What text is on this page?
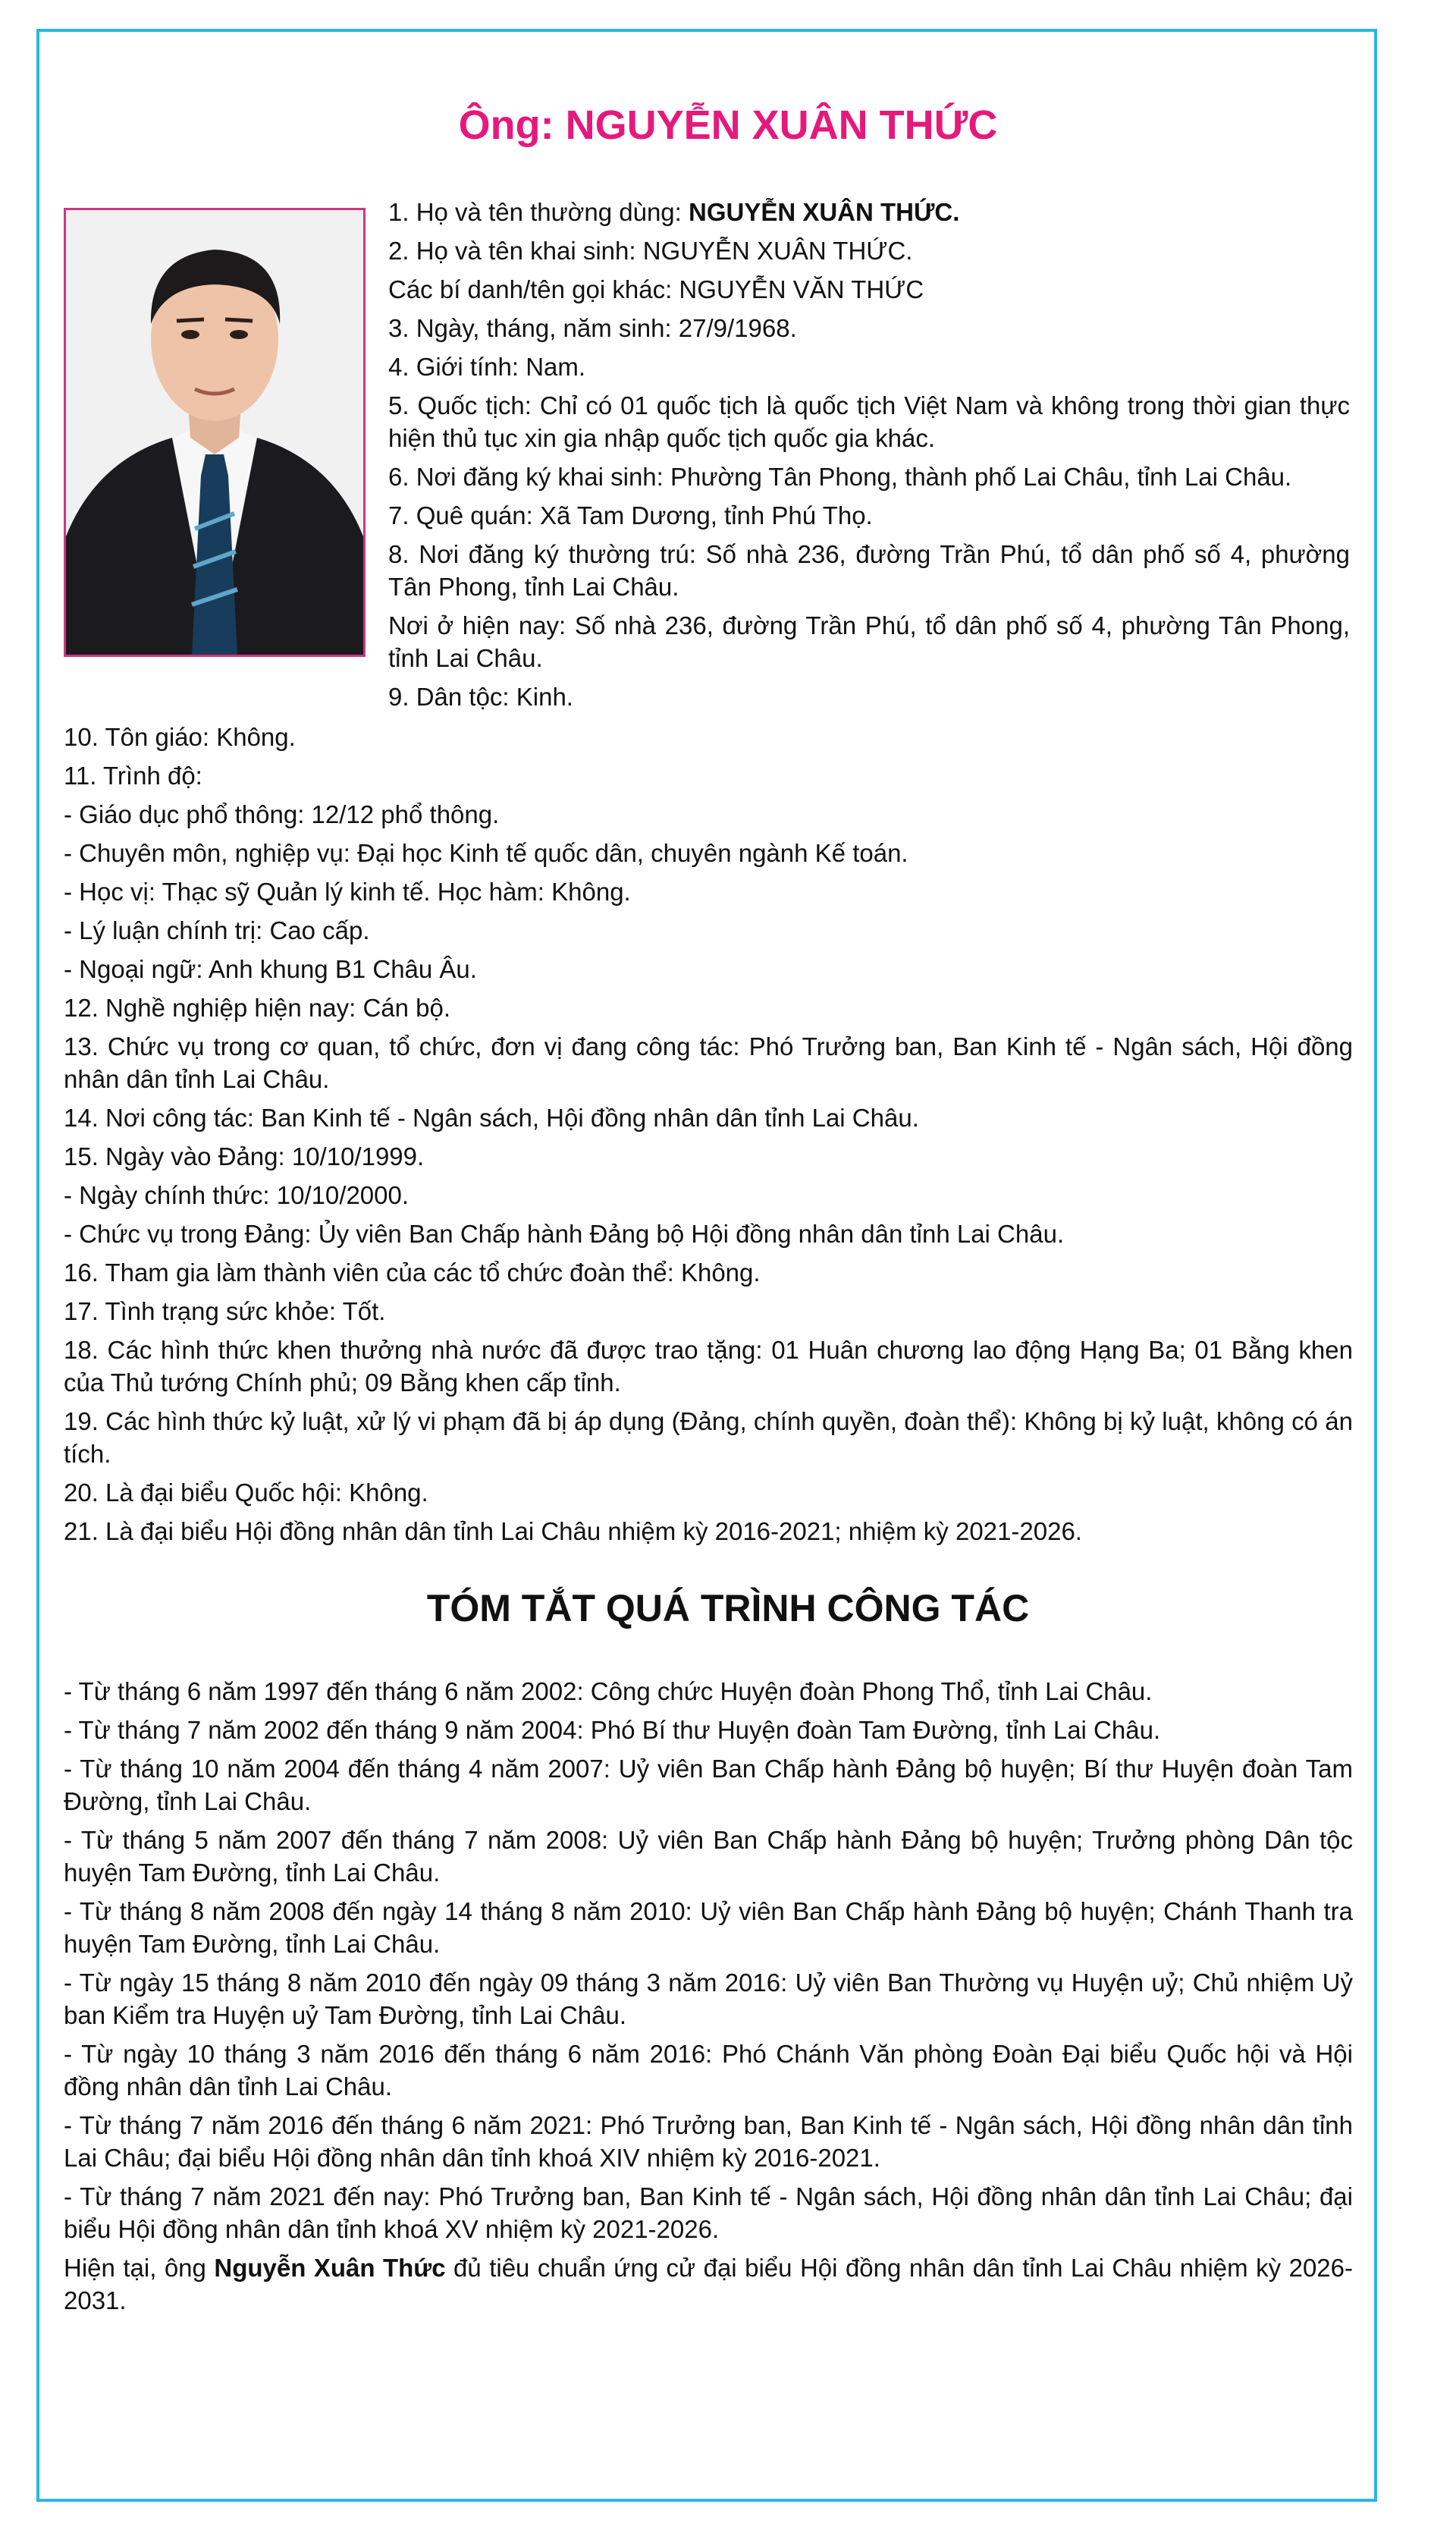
Ông: NGUYỄN XUÂN THỨC
1. Họ và tên thường dùng: NGUYỄN XUÂN THỨC.
2. Họ và tên khai sinh: NGUYỄN XUÂN THỨC.
Các bí danh/tên gọi khác: NGUYỄN VĂN THỨC
3. Ngày, tháng, năm sinh: 27/9/1968.
4. Giới tính: Nam.
5. Quốc tịch: Chỉ có 01 quốc tịch là quốc tịch Việt Nam và không trong thời gian thực hiện thủ tục xin gia nhập quốc tịch quốc gia khác.
6. Nơi đăng ký khai sinh: Phường Tân Phong, thành phố Lai Châu, tỉnh Lai Châu.
7. Quê quán: Xã Tam Dương, tỉnh Phú Thọ.
8. Nơi đăng ký thường trú: Số nhà 236, đường Trần Phú, tổ dân phố số 4, phường Tân Phong, tỉnh Lai Châu.
Nơi ở hiện nay: Số nhà 236, đường Trần Phú, tổ dân phố số 4, phường Tân Phong, tỉnh Lai Châu.
9. Dân tộc: Kinh.
10. Tôn giáo: Không.
11. Trình độ:
- Giáo dục phổ thông: 12/12 phổ thông.
- Chuyên môn, nghiệp vụ: Đại học Kinh tế quốc dân, chuyên ngành Kế toán.
- Học vị: Thạc sỹ Quản lý kinh tế. Học hàm: Không.
- Lý luận chính trị: Cao cấp.
- Ngoại ngữ: Anh khung B1 Châu Âu.
12. Nghề nghiệp hiện nay: Cán bộ.
13. Chức vụ trong cơ quan, tổ chức, đơn vị đang công tác: Phó Trưởng ban, Ban Kinh tế - Ngân sách, Hội đồng nhân dân tỉnh Lai Châu.
14. Nơi công tác: Ban Kinh tế - Ngân sách, Hội đồng nhân dân tỉnh Lai Châu.
15. Ngày vào Đảng: 10/10/1999.
- Ngày chính thức: 10/10/2000.
- Chức vụ trong Đảng: Ủy viên Ban Chấp hành Đảng bộ Hội đồng nhân dân tỉnh Lai Châu.
16. Tham gia làm thành viên của các tổ chức đoàn thể: Không.
17. Tình trạng sức khỏe: Tốt.
18. Các hình thức khen thưởng nhà nước đã được trao tặng: 01 Huân chương lao động Hạng Ba; 01 Bằng khen của Thủ tướng Chính phủ; 09 Bằng khen cấp tỉnh.
19. Các hình thức kỷ luật, xử lý vi phạm đã bị áp dụng (Đảng, chính quyền, đoàn thể): Không bị kỷ luật, không có án tích.
20. Là đại biểu Quốc hội: Không.
21. Là đại biểu Hội đồng nhân dân tỉnh Lai Châu nhiệm kỳ 2016-2021; nhiệm kỳ 2021-2026.
TÓM TẮT QUÁ TRÌNH CÔNG TÁC
- Từ tháng 6 năm 1997 đến tháng 6 năm 2002: Công chức Huyện đoàn Phong Thổ, tỉnh Lai Châu.
- Từ tháng 7 năm 2002 đến tháng 9 năm 2004: Phó Bí thư Huyện đoàn Tam Đường, tỉnh Lai Châu.
- Từ tháng 10 năm 2004 đến tháng 4 năm 2007: Uỷ viên Ban Chấp hành Đảng bộ huyện; Bí thư Huyện đoàn Tam Đường, tỉnh Lai Châu.
- Từ tháng 5 năm 2007 đến tháng 7 năm 2008: Uỷ viên Ban Chấp hành Đảng bộ huyện; Trưởng phòng Dân tộc huyện Tam Đường, tỉnh Lai Châu.
- Từ tháng 8 năm 2008 đến ngày 14 tháng 8 năm 2010: Uỷ viên Ban Chấp hành Đảng bộ huyện; Chánh Thanh tra huyện Tam Đường, tỉnh Lai Châu.
- Từ ngày 15 tháng 8 năm 2010 đến ngày 09 tháng 3 năm 2016: Uỷ viên Ban Thường vụ Huyện uỷ; Chủ nhiệm Uỷ ban Kiểm tra Huyện uỷ Tam Đường, tỉnh Lai Châu.
- Từ ngày 10 tháng 3 năm 2016 đến tháng 6 năm 2016: Phó Chánh Văn phòng Đoàn Đại biểu Quốc hội và Hội đồng nhân dân tỉnh Lai Châu.
- Từ tháng 7 năm 2016 đến tháng 6 năm 2021: Phó Trưởng ban, Ban Kinh tế - Ngân sách, Hội đồng nhân dân tỉnh Lai Châu; đại biểu Hội đồng nhân dân tỉnh khoá XIV nhiệm kỳ 2016-2021.
- Từ tháng 7 năm 2021 đến nay: Phó Trưởng ban, Ban Kinh tế - Ngân sách, Hội đồng nhân dân tỉnh Lai Châu; đại biểu Hội đồng nhân dân tỉnh khoá XV nhiệm kỳ 2021-2026.
Hiện tại, ông Nguyễn Xuân Thức đủ tiêu chuẩn ứng cử đại biểu Hội đồng nhân dân tỉnh Lai Châu nhiệm kỳ 2026-2031.
